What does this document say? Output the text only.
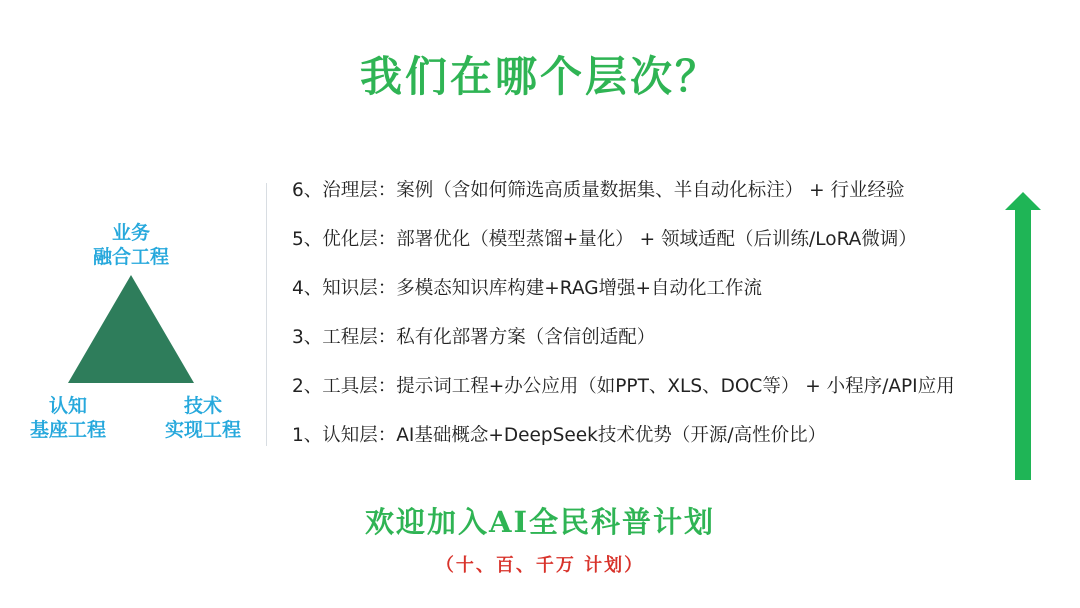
我们在哪个层次？
业务
融合工程
认知
基座工程
技术
实现工程
6、治理层：案例（含如何筛选高质量数据集、半自动化标注） + 行业经验
5、优化层：部署优化（模型蒸馏+量化） + 领域适配（后训练/LoRA微调）
4、知识层：多模态知识库构建+RAG增强+自动化工作流
3、工程层：私有化部署方案（含信创适配）
2、工具层：提示词工程+办公应用（如PPT、XLS、DOC等） + 小程序/API应用
1、认知层：AI基础概念+DeepSeek技术优势（开源/高性价比）
欢迎加入AI全民科普计划
（十、百、千万 计划）
